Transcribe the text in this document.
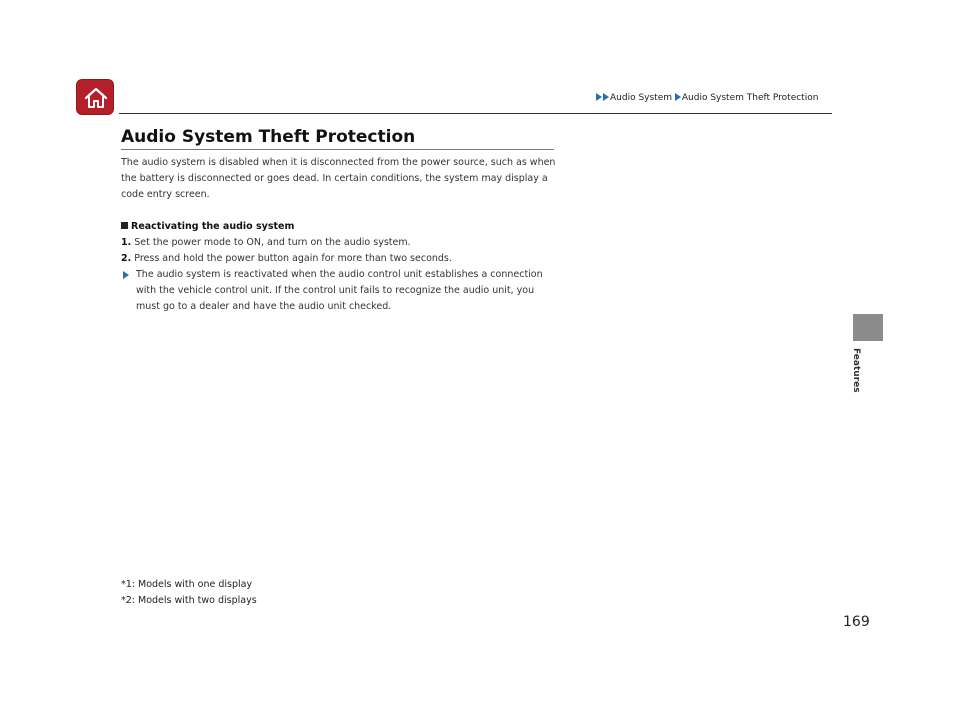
Audio System Audio System Theft Protection
Audio System Theft Protection

The audio system is disabled when it is disconnected from the power source, such as when the battery is disconnected or goes dead. In certain conditions, the system may display a code entry screen.

Reactivating the audio system

1. Set the power mode to ON, and turn on the audio system.

2. Press and hold the power button again for more than two seconds.

The audio system is reactivated when the audio control unit establishes a connection with the vehicle control unit. If the control unit fails to recognize the audio unit, you must go to a dealer and have the audio unit checked.

*1: Models with one display
*2: Models with two displays
169
Features
